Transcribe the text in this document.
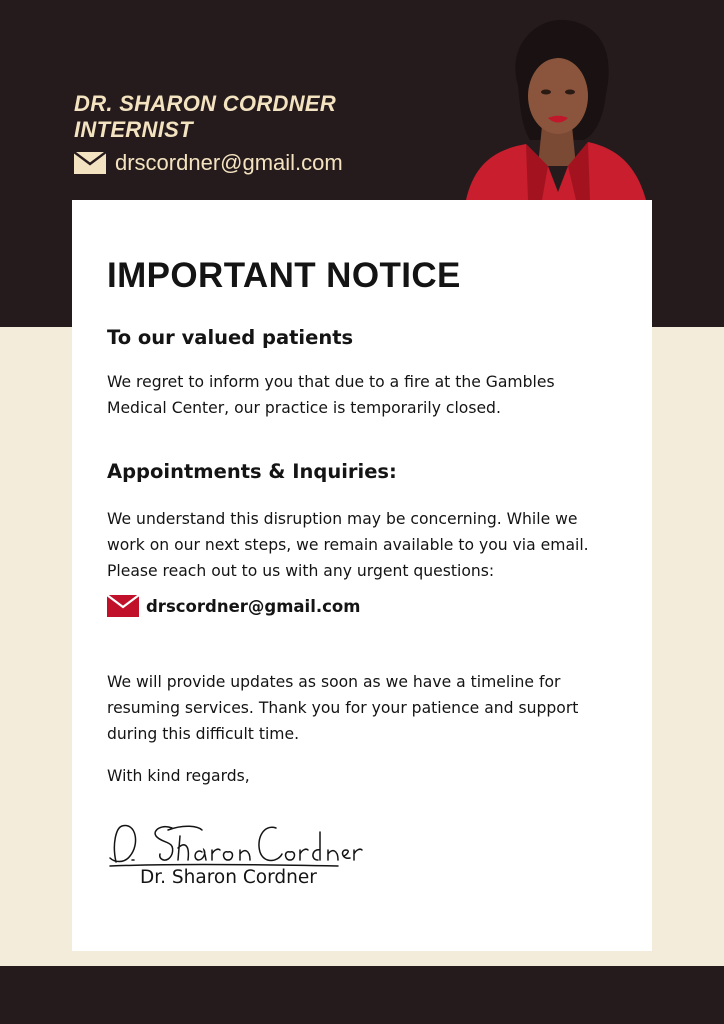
DR. SHARON CORDNER
INTERNIST
drscordner@gmail.com
IMPORTANT NOTICE
To our valued patients
We regret to inform you that due to a fire at the Gambles Medical Center, our practice is temporarily closed.
Appointments & Inquiries:
We understand this disruption may be concerning. While we work on our next steps, we remain available to you via email. Please reach out to us with any urgent questions:
drscordner@gmail.com
We will provide updates as soon as we have a timeline for resuming services. Thank you for your patience and support during this difficult time.
With kind regards,
Dr. Sharon Cordner
